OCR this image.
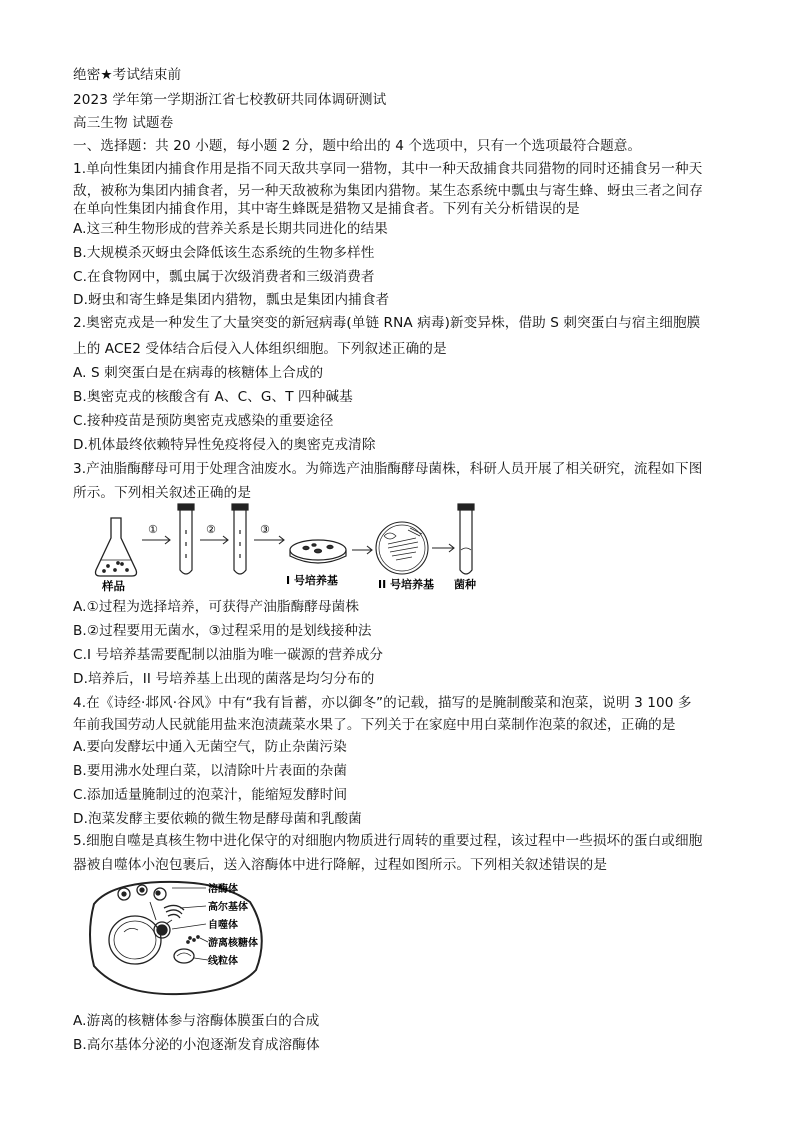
绝密★考试结束前
2023 学年第一学期浙江省七校教研共同体调研测试
高三生物 试题卷
一、选择题：共 20 小题，每小题 2 分，题中给出的 4 个选项中，只有一个选项最符合题意。
1.单向性集团内捕食作用是指不同天敌共享同一猎物，其中一种天敌捕食共同猎物的同时还捕食另一种天
敌，被称为集团内捕食者，另一种天敌被称为集团内猎物。某生态系统中瓢虫与寄生蜂、蚜虫三者之间存
在单向性集团内捕食作用，其中寄生蜂既是猎物又是捕食者。下列有关分析错误的是
A.这三种生物形成的营养关系是长期共同进化的结果
B.大规模杀灭蚜虫会降低该生态系统的生物多样性
C.在食物网中，瓢虫属于次级消费者和三级消费者
D.蚜虫和寄生蜂是集团内猎物，瓢虫是集团内捕食者
2.奥密克戎是一种发生了大量突变的新冠病毒(单链 RNA 病毒)新变异株，借助 S 刺突蛋白与宿主细胞膜
上的 ACE2 受体结合后侵入人体组织细胞。下列叙述正确的是
A. S 刺突蛋白是在病毒的核糖体上合成的
B.奥密克戎的核酸含有 A、C、G、T 四种碱基
C.接种疫苗是预防奥密克戎感染的重要途径
D.机体最终依赖特异性免疫将侵入的奥密克戎清除
3.产油脂酶酵母可用于处理含油废水。为筛选产油脂酶酵母菌株，科研人员开展了相关研究，流程如下图
所示。下列相关叙述正确的是
样品
①	②	③
I 号培养基	II 号培养基 菌种
A.①过程为选择培养，可获得产油脂酶酵母菌株
B.②过程要用无菌水，③过程采用的是划线接种法
C.I 号培养基需要配制以油脂为唯一碳源的营养成分
D.培养后，II 号培养基上出现的菌落是均匀分布的
4.在《诗经·邶风·谷风》中有“我有旨蓄，亦以御冬”的记载，描写的是腌制酸菜和泡菜，说明 3 100 多
年前我国劳动人民就能用盐来泡渍蔬菜水果了。下列关于在家庭中用白菜制作泡菜的叙述，正确的是
A.要向发酵坛中通入无菌空气，防止杂菌污染
B.要用沸水处理白菜，以清除叶片表面的杂菌
C.添加适量腌制过的泡菜汁，能缩短发酵时间
D.泡菜发酵主要依赖的微生物是酵母菌和乳酸菌
5.细胞自噬是真核生物中进化保守的对细胞内物质进行周转的重要过程，该过程中一些损坏的蛋白或细胞
器被自噬体小泡包裹后，送入溶酶体中进行降解，过程如图所示。下列相关叙述错误的是
溶酶体
高尔基体
自噬体
游离核糖体
线粒体
A.游离的核糖体参与溶酶体膜蛋白的合成
B.高尔基体分泌的小泡逐渐发育成溶酶体
